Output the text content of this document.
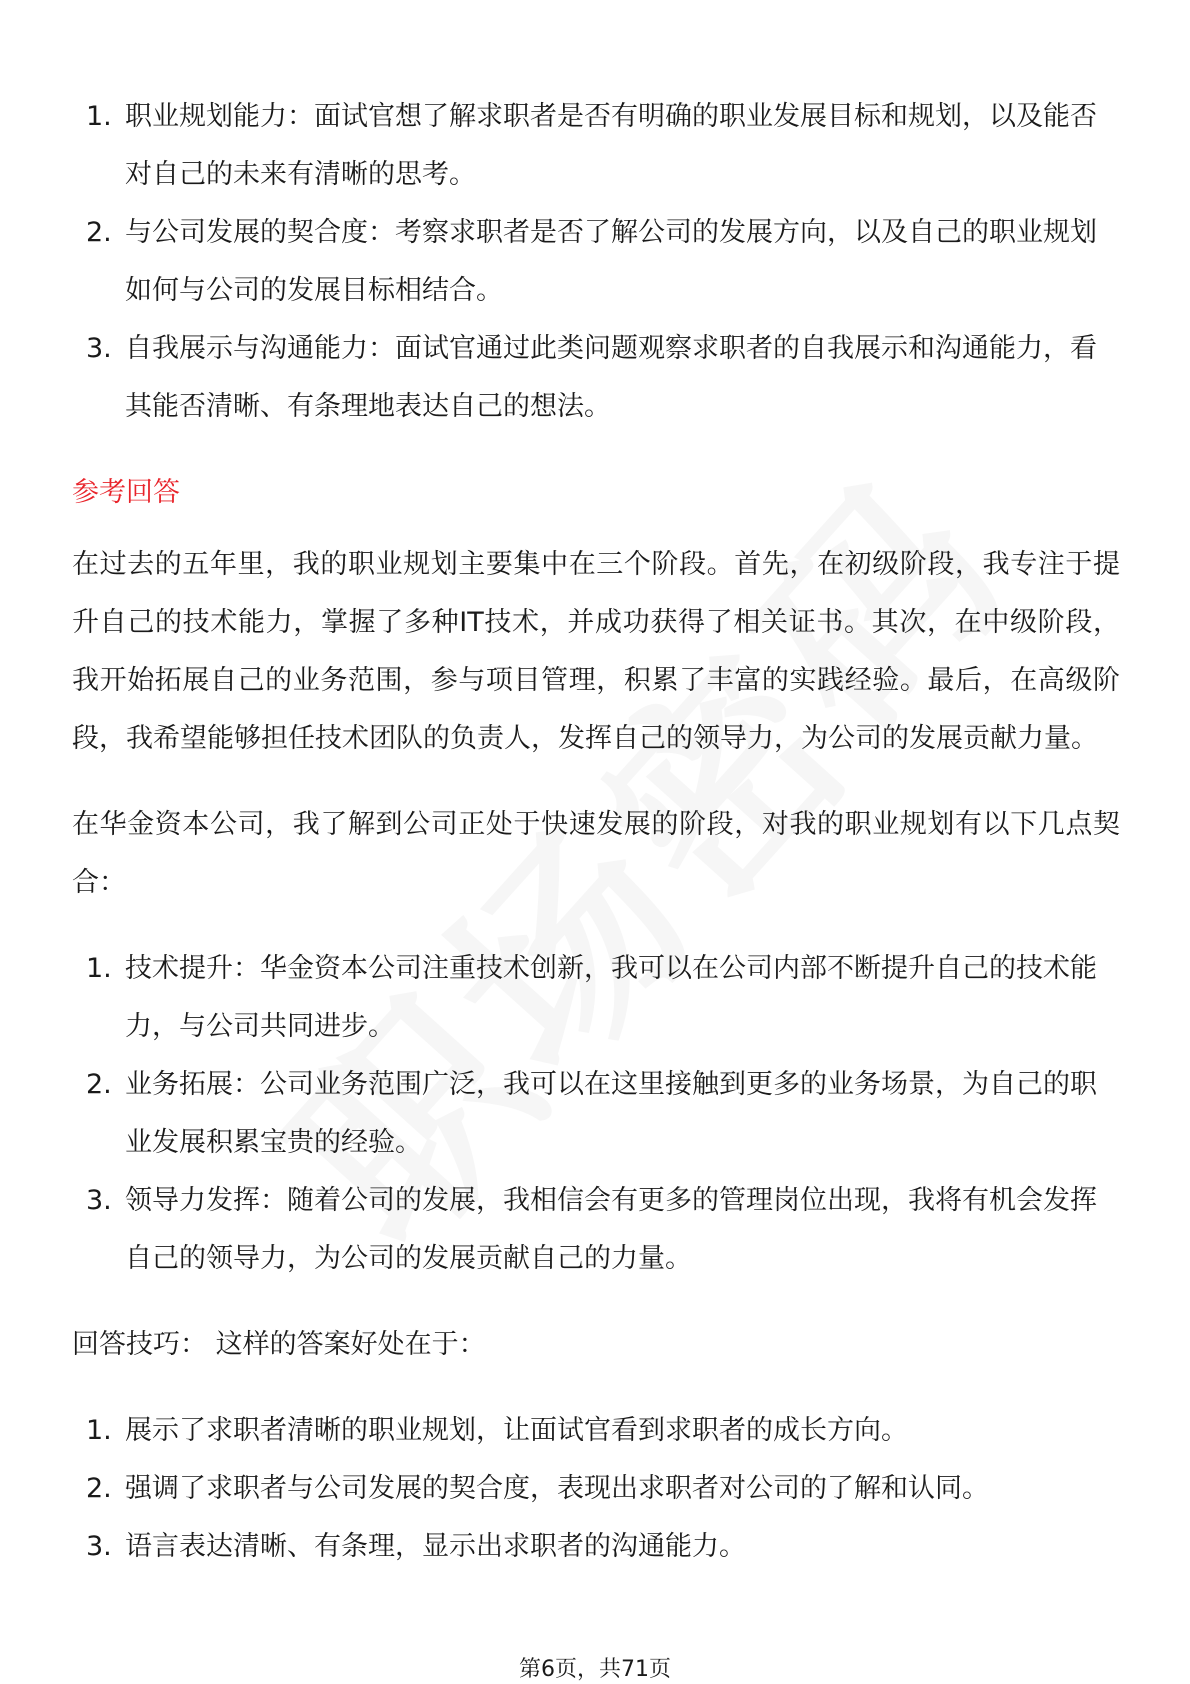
1. 职业规划能力：面试官想了解求职者是否有明确的职业发展目标和规划，以及能否对自己的未来有清晰的思考。
2. 与公司发展的契合度：考察求职者是否了解公司的发展方向，以及自己的职业规划如何与公司的发展目标相结合。
3. 自我展示与沟通能力：面试官通过此类问题观察求职者的自我展示和沟通能力，看其能否清晰、有条理地表达自己的想法。
参考回答

在过去的五年里，我的职业规划主要集中在三个阶段。首先，在初级阶段，我专注于提升自己的技术能力，掌握了多种IT技术，并成功获得了相关证书。其次，在中级阶段，我开始拓展自己的业务范围，参与项目管理，积累了丰富的实践经验。最后，在高级阶段，我希望能够担任技术团队的负责人，发挥自己的领导力，为公司的发展贡献力量。

在华金资本公司，我了解到公司正处于快速发展的阶段，对我的职业规划有以下几点契合：

1. 技术提升：华金资本公司注重技术创新，我可以在公司内部不断提升自己的技术能力，与公司共同进步。
2. 业务拓展：公司业务范围广泛，我可以在这里接触到更多的业务场景，为自己的职业发展积累宝贵的经验。
3. 领导力发挥：随着公司的发展，我相信会有更多的管理岗位出现，我将有机会发挥自己的领导力，为公司的发展贡献自己的力量。

回答技巧： 这样的答案好处在于：

1. 展示了求职者清晰的职业规划，让面试官看到求职者的成长方向。
2. 强调了求职者与公司发展的契合度，表现出求职者对公司的了解和认同。
3. 语言表达清晰、有条理，显示出求职者的沟通能力。
第6页，共71页
